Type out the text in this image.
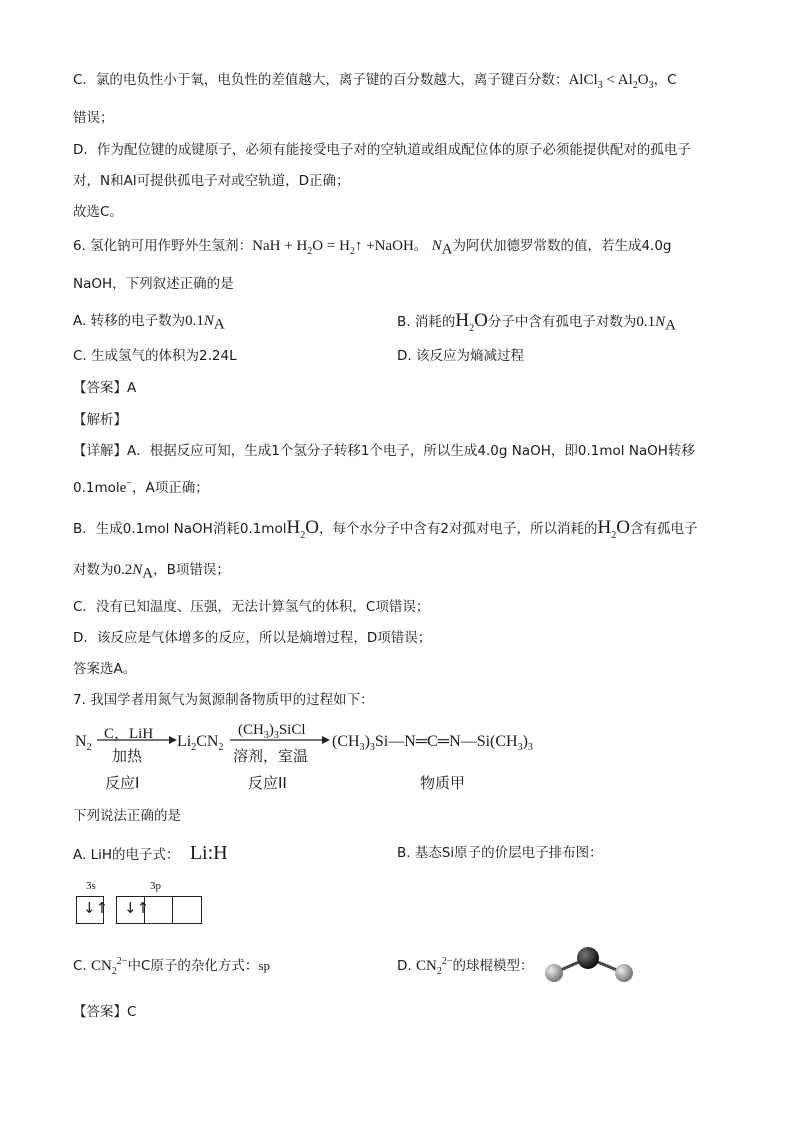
C．氯的电负性小于氧，电负性的差值越大，离子键的百分数越大，离子键百分数：AlCl$_3$ < $Al_2O_3$，C
错误；
D．作为配位键的成键原子，必须有能接受电子对的空轨道或组成配位体的原子必须能提供配对的孤电子
对，N和Al可提供孤电子对或空轨道，D正确；
故选C。
6. 氢化钠可用作野外生氢剂：NaH + $H_2O$ = $H_2↑$ +NaOH。 $N_A$为阿伏加德罗常数的值，若生成4.0g
NaOH，下列叙述正确的是
A. 转移的电子数为$0.1N_A$	B. 消耗的$H_2O$分子中含有孤电子对数为$0.1N_A$
C. 生成氢气的体积为2.24L	D. 该反应为熵减过程
【答案】A
【解析】
【详解】A．根据反应可知，生成1个氢分子转移1个电子，所以生成4.0g NaOH，即0.1mol NaOH转移
0.1mole−，A项正确；
B．生成0.1mol NaOH消耗0.1molH$_2$O，每个水分子中含有2对孤对电子，所以消耗的$H_2O$含有孤电子
对数为$0.2N_A$，B项错误；
C．没有已知温度、压强，无法计算氢气的体积，C项错误；
D．该反应是气体增多的反应，所以是熵增过程，D项错误；
答案选A。
7. 我国学者用氮气为氮源制备物质甲的过程如下：
$N_2$
C，LiH
加热
$Li_2CN_2$
$(CH_3)_3SiCl$
溶剂，室温
$(CH_3)_3Si—N═C═N—Si(CH_3)_3$
反应I	反应II	物质甲
下列说法正确的是
A. LiH的电子式： Li:H	B. 基态Si原子的价层电子排布图：
3s	3p
↓↑ ↓↑
C. $CN_2^{2-}$中C原子的杂化方式：sp	D. $CN_2^{2-}$的球棍模型：
【答案】C
